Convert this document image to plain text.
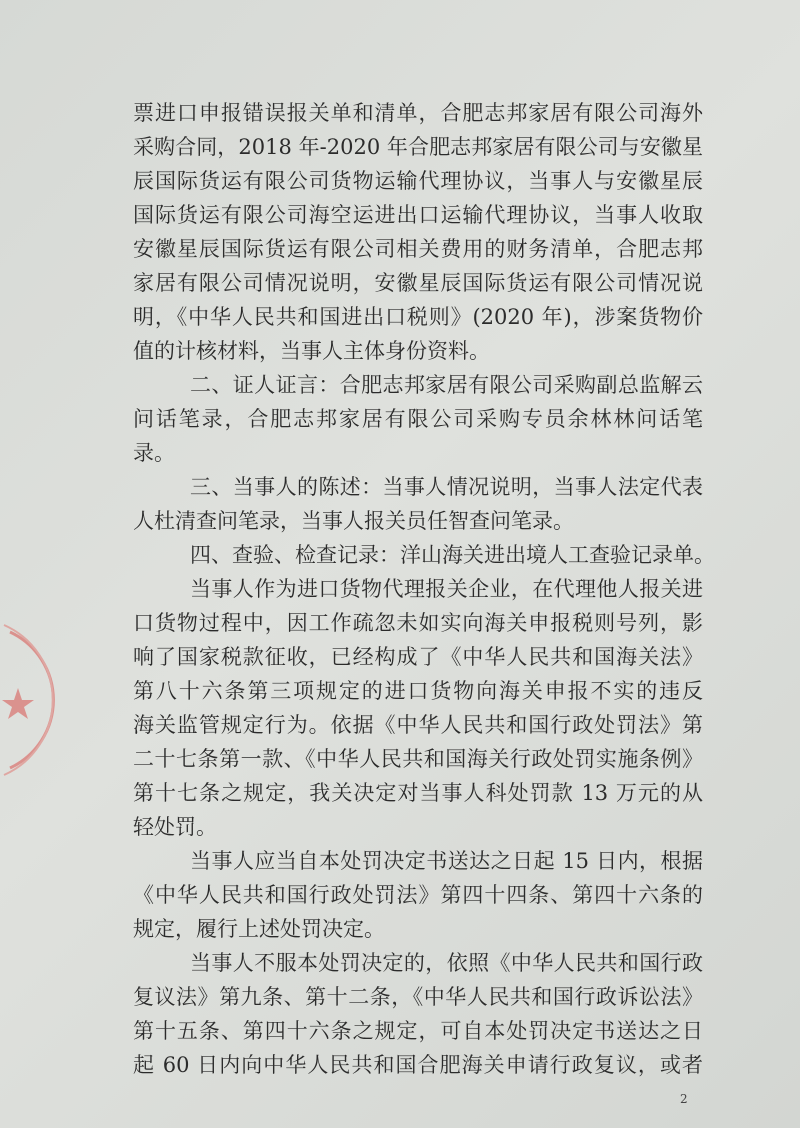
票进口申报错误报关单和清单，合肥志邦家居有限公司海外
采购合同，2018 年-2020 年合肥志邦家居有限公司与安徽星
辰国际货运有限公司货物运输代理协议，当事人与安徽星辰
国际货运有限公司海空运进出口运输代理协议，当事人收取
安徽星辰国际货运有限公司相关费用的财务清单，合肥志邦
家居有限公司情况说明，安徽星辰国际货运有限公司情况说
明，《中华人民共和国进出口税则》(2020 年)，涉案货物价
值的计核材料，当事人主体身份资料。
二、证人证言：合肥志邦家居有限公司采购副总监解云
问话笔录，合肥志邦家居有限公司采购专员余林林问话笔
录。
三、当事人的陈述：当事人情况说明，当事人法定代表
人杜清查问笔录，当事人报关员任智查问笔录。
四、查验、检查记录：洋山海关进出境人工查验记录单。
当事人作为进口货物代理报关企业，在代理他人报关进
口货物过程中，因工作疏忽未如实向海关申报税则号列，影
响了国家税款征收，已经构成了《中华人民共和国海关法》
第八十六条第三项规定的进口货物向海关申报不实的违反
海关监管规定行为。依据《中华人民共和国行政处罚法》第
二十七条第一款、《中华人民共和国海关行政处罚实施条例》
第十七条之规定，我关决定对当事人科处罚款 13 万元的从
轻处罚。
当事人应当自本处罚决定书送达之日起 15 日内，根据
《中华人民共和国行政处罚法》第四十四条、第四十六条的
规定，履行上述处罚决定。
当事人不服本处罚决定的，依照《中华人民共和国行政
复议法》第九条、第十二条，《中华人民共和国行政诉讼法》
第十五条、第四十六条之规定，可自本处罚决定书送达之日
起 60 日内向中华人民共和国合肥海关申请行政复议，或者
2
